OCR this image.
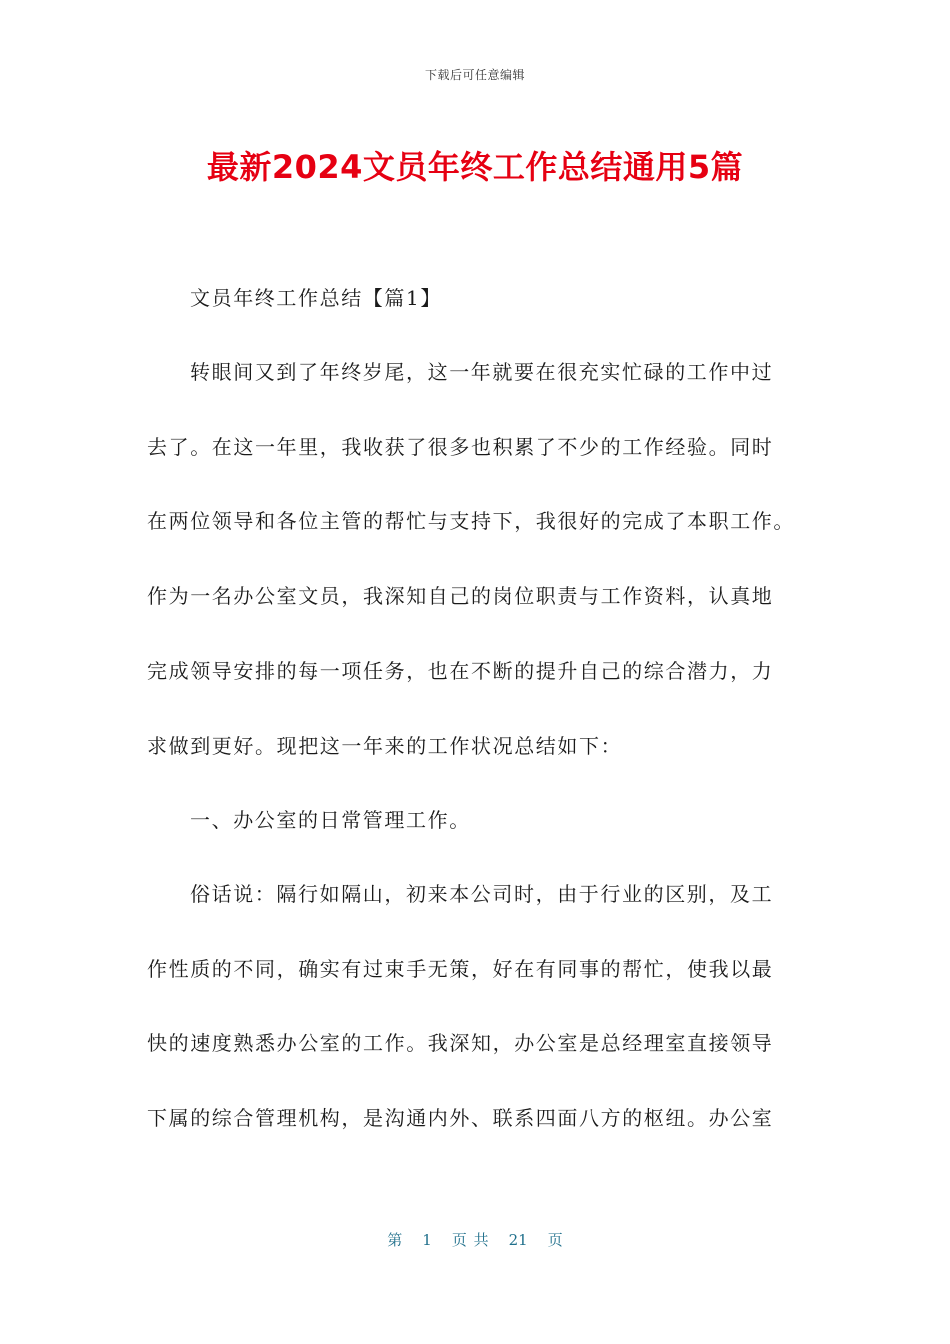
下载后可任意编辑
最新2024文员年终工作总结通用5篇
文员年终工作总结【篇1】
转眼间又到了年终岁尾，这一年就要在很充实忙碌的工作中过
去了。在这一年里，我收获了很多也积累了不少的工作经验。同时
在两位领导和各位主管的帮忙与支持下，我很好的完成了本职工作。
作为一名办公室文员，我深知自己的岗位职责与工作资料，认真地
完成领导安排的每一项任务，也在不断的提升自己的综合潜力，力
求做到更好。现把这一年来的工作状况总结如下：
一、办公室的日常管理工作。
俗话说：隔行如隔山，初来本公司时，由于行业的区别，及工
作性质的不同，确实有过束手无策，好在有同事的帮忙，使我以最
快的速度熟悉办公室的工作。我深知，办公室是总经理室直接领导
下属的综合管理机构，是沟通内外、联系四面八方的枢纽。办公室
第 1 页 共 21 页
